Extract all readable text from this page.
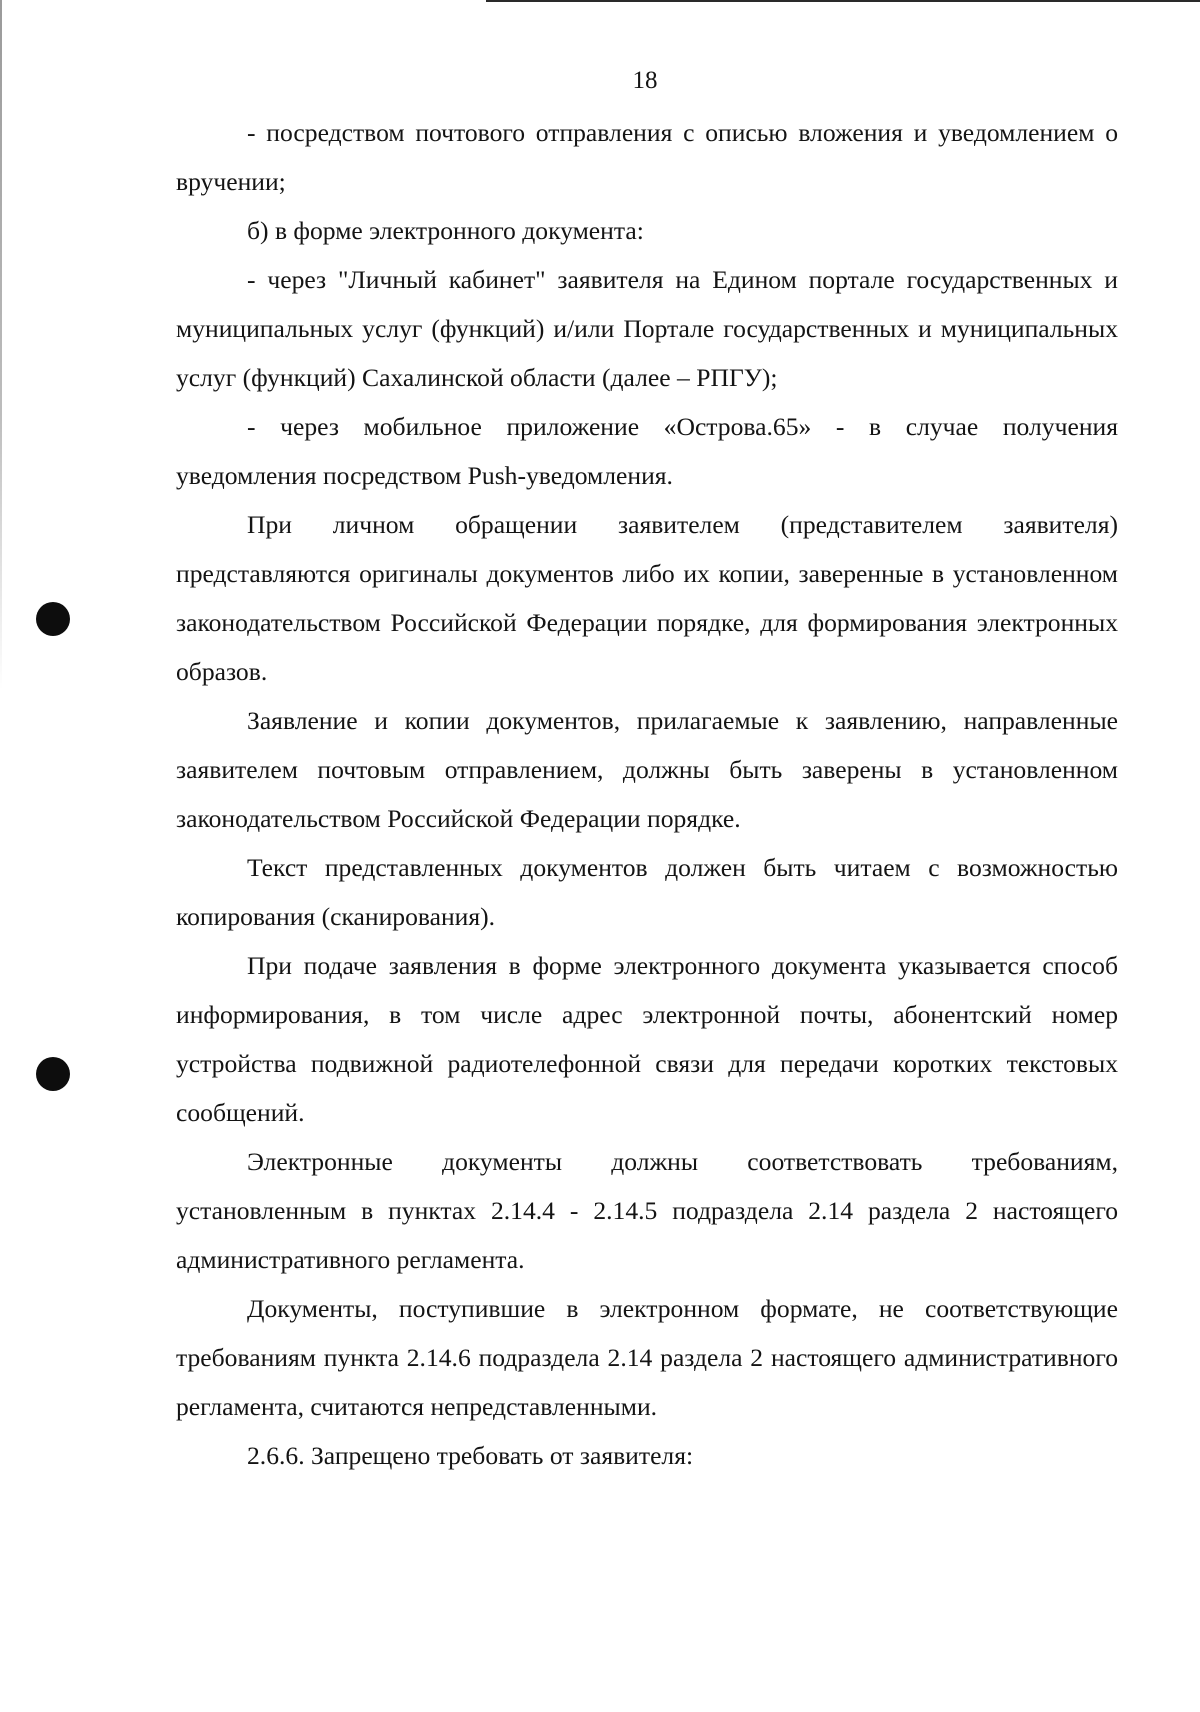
18

- посредством почтового отправления с описью вложения и уведомлением о вручении;

б) в форме электронного документа:

- через "Личный кабинет" заявителя на Едином портале государственных и муниципальных услуг (функций) и/или Портале государственных и муниципальных услуг (функций) Сахалинской области (далее – РПГУ);

- через мобильное приложение «Острова.65» - в случае получения уведомления посредством Push-уведомления.

При личном обращении заявителем (представителем заявителя) представляются оригиналы документов либо их копии, заверенные в установленном законодательством Российской Федерации порядке, для формирования электронных образов.

Заявление и копии документов, прилагаемые к заявлению, направленные заявителем почтовым отправлением, должны быть заверены в установленном законодательством Российской Федерации порядке.

Текст представленных документов должен быть читаем с возможностью копирования (сканирования).

При подаче заявления в форме электронного документа указывается способ информирования, в том числе адрес электронной почты, абонентский номер устройства подвижной радиотелефонной связи для передачи коротких текстовых сообщений.

Электронные документы должны соответствовать требованиям, установленным в пунктах 2.14.4 - 2.14.5 подраздела 2.14 раздела 2 настоящего административного регламента.

Документы, поступившие в электронном формате, не соответствующие требованиям пункта 2.14.6 подраздела 2.14 раздела 2 настоящего административного регламента, считаются непредставленными.

2.6.6. Запрещено требовать от заявителя:
